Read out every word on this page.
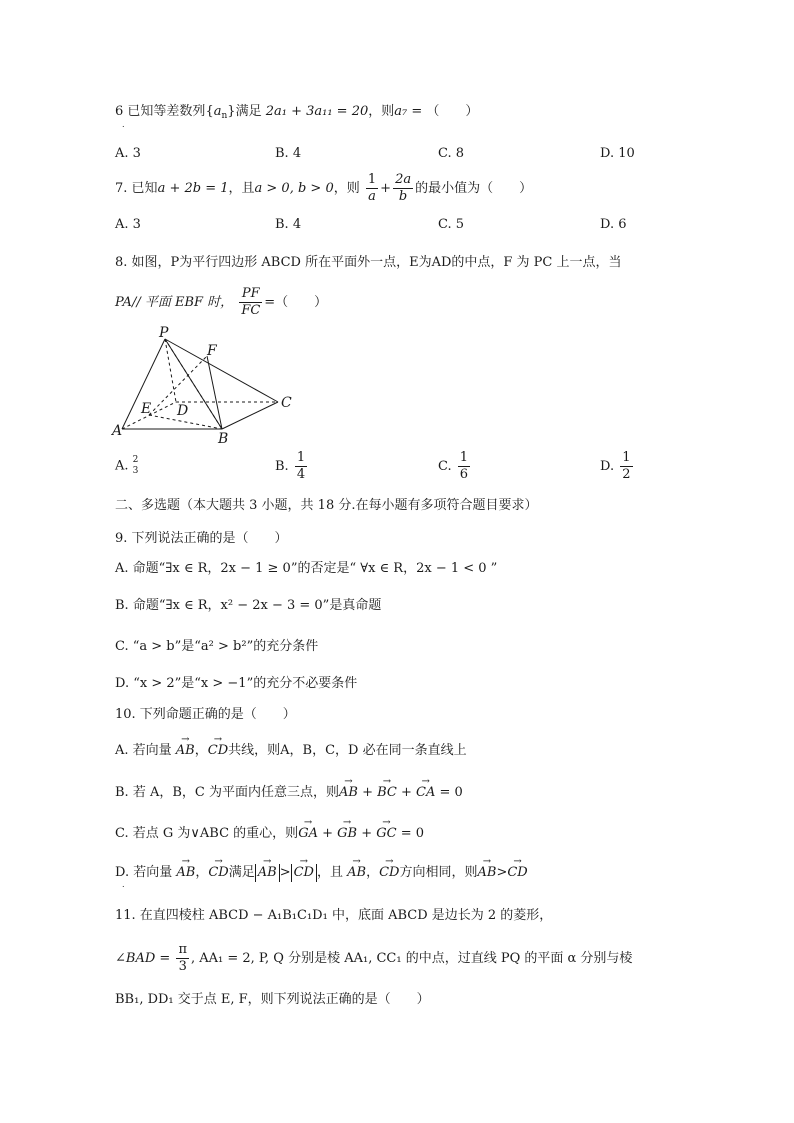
6 已知等差数列$\{a_n\}$满足 2a₁ + 3a₁₁ = 20，则a₇ = （　　）
.
A. 3	B. 4	C. 8	D. 10
7. 已知a + 2b = 1，且a > 0, b > 0，则 $\frac{1}{a} + \frac{2a}{b}$ 的最小值为（　　）
A. 3	B. 4	C. 5	D. 6
8. 如图，P为平行四边形 ABCD 所在平面外一点，E为AD的中点，F 为 PC 上一点，当
PA// 平面 EBF 时， $\frac{PF}{FC}$ =（　　）
P
F
E D	C
A	B
A. 2
3	B. $\frac{1}{4}$	C. $\frac{1}{6}$	D. $\frac{1}{2}$
二、多选题（本大题共 3 小题，共 18 分.在每小题有多项符合题目要求）
9. 下列说法正确的是（　　）
A. 命题“∃x ∈ R，2x − 1 ≥ 0”的否定是“ ∀x ∈ R，2x − 1 < 0 ”
B. 命题“∃x ∈ R，x² − 2x − 3 = 0”是真命题
C. “a > b”是“a² > b²”的充分条件
D. “x > 2”是“x > −1”的充分不必要条件
10. 下列命题正确的是（　　）
A. 若向量 → AB，→ CD共线，则A，B，C，D 必在同一条直线上
B. 若 A，B，C 为平面内任意三点，则→ AB + → BC + → CA = 0
C. 若点 G 为∨ABC 的重心，则→ GA + → GB + → GC = 0
D. 若向量 → AB，→ CD满足 → AB > → CD ，且 → AB，→ CD方向相同，则→ AB>→ CD
.
11. 在直四棱柱 ABCD − A₁B₁C₁D₁ 中，底面 ABCD 是边长为 2 的菱形，
∠BAD = $\frac{\pi}{3}$ , AA₁ = 2, P, Q 分别是棱 AA₁, CC₁ 的中点，过直线 PQ 的平面 α 分别与棱
BB₁, DD₁ 交于点 E, F，则下列说法正确的是（　　）
